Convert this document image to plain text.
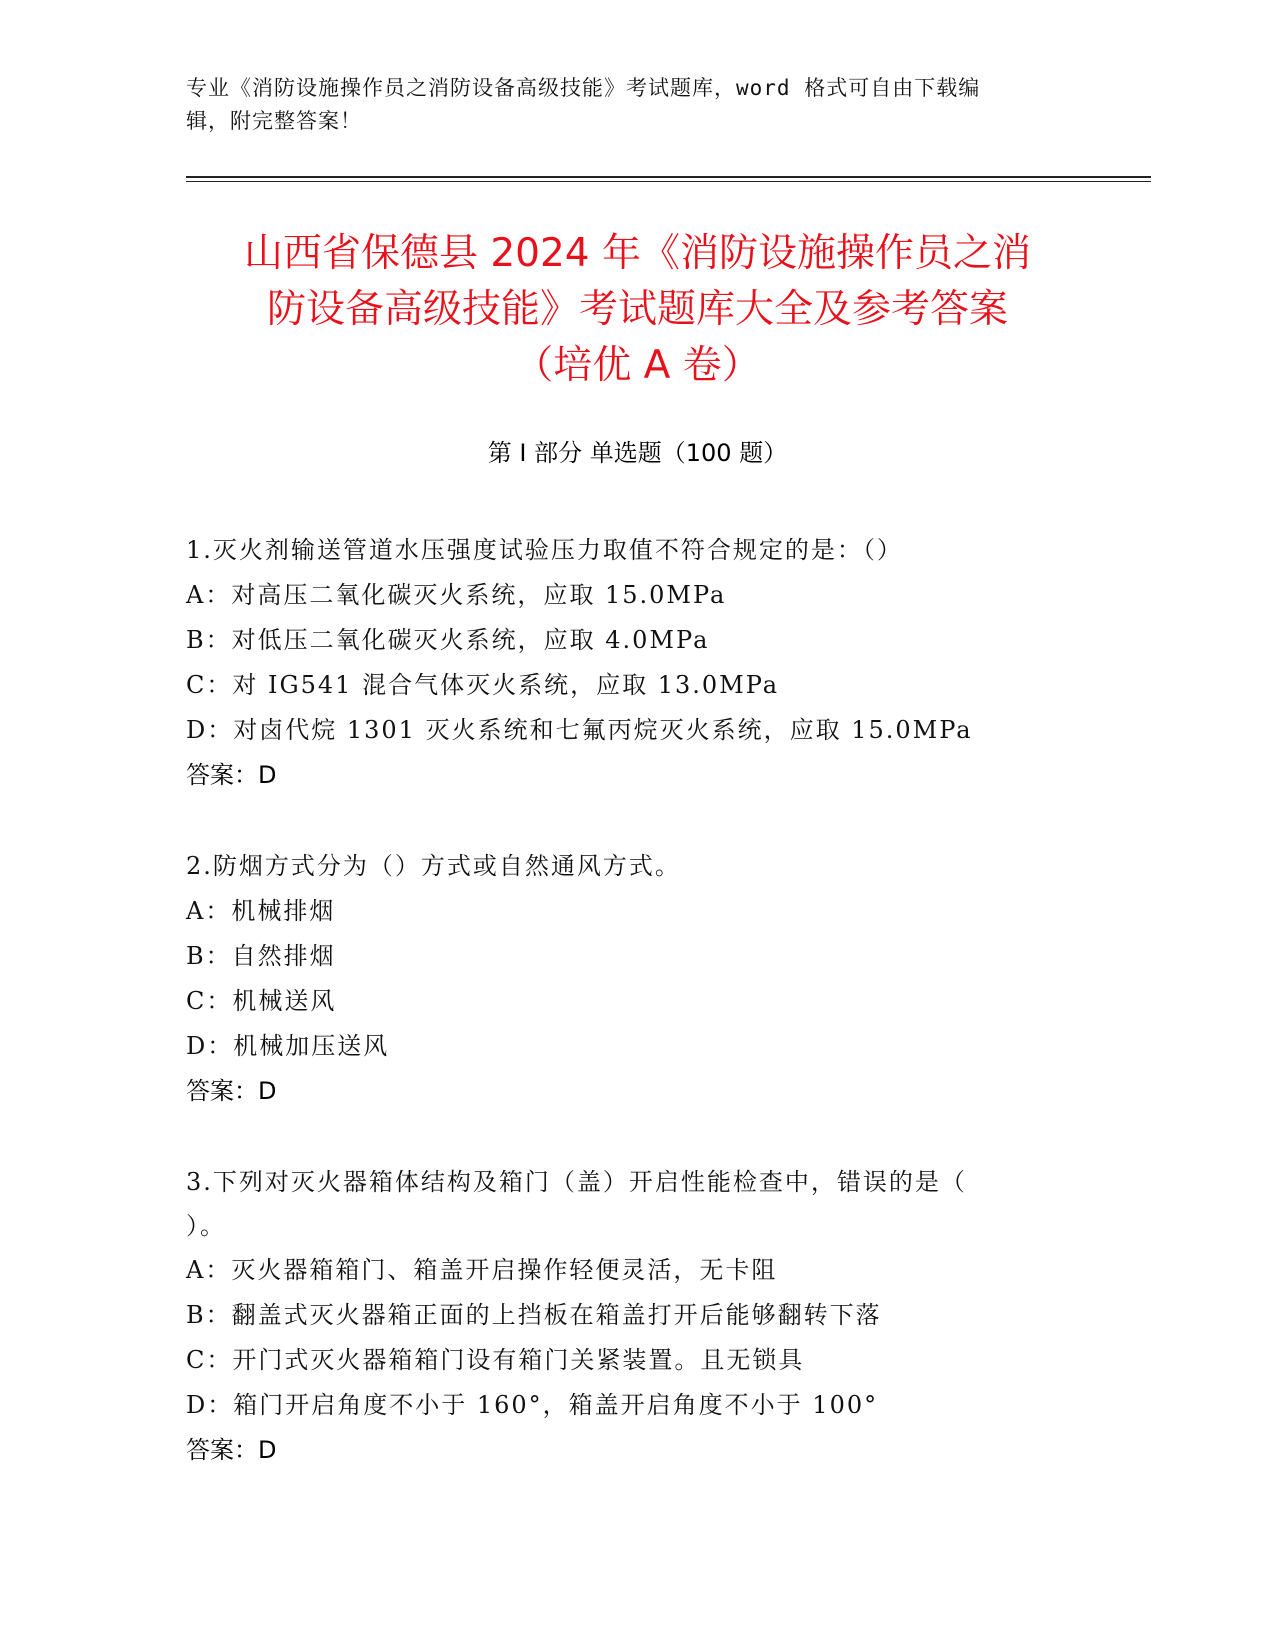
专业《消防设施操作员之消防设备高级技能》考试题库，word 格式可自由下载编
辑，附完整答案！
山西省保德县 2024 年《消防设施操作员之消
防设备高级技能》考试题库大全及参考答案
（培优 A 卷）
第 I 部分 单选题（100 题）
1.灭火剂输送管道水压强度试验压力取值不符合规定的是：（）
A：对高压二氧化碳灭火系统，应取 15.0MPa
B：对低压二氧化碳灭火系统，应取 4.0MPa
C：对 IG541 混合气体灭火系统，应取 13.0MPa
D：对卤代烷 1301 灭火系统和七氟丙烷灭火系统，应取 15.0MPa
答案：D
2.防烟方式分为（）方式或自然通风方式。
A：机械排烟
B：自然排烟
C：机械送风
D：机械加压送风
答案：D
3.下列对灭火器箱体结构及箱门（盖）开启性能检查中，错误的是（
）。
A：灭火器箱箱门、箱盖开启操作轻便灵活，无卡阻
B：翻盖式灭火器箱正面的上挡板在箱盖打开后能够翻转下落
C：开门式灭火器箱箱门设有箱门关紧装置。且无锁具
D：箱门开启角度不小于 160°，箱盖开启角度不小于 100°
答案：D
